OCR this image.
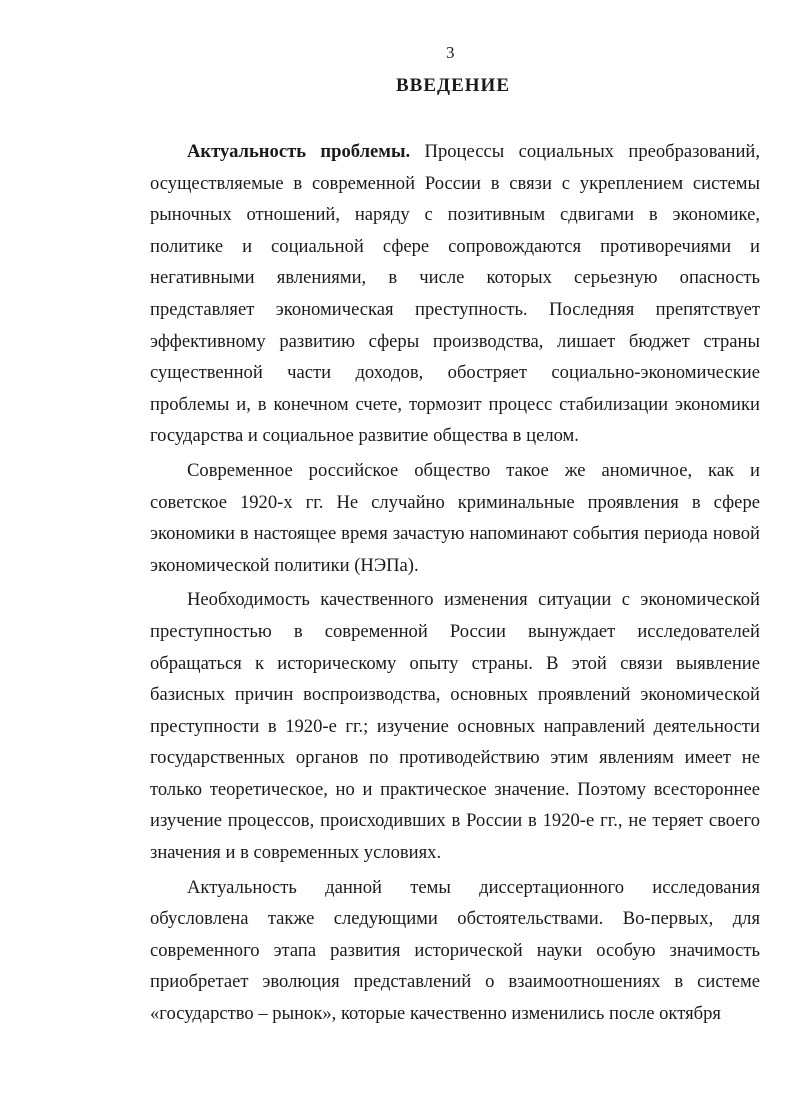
3
ВВЕДЕНИЕ

Актуальность проблемы. Процессы социальных преобразований, осуществляемые в современной России в связи с укреплением системы рыночных отношений, наряду с позитивным сдвигами в экономике, политике и социальной сфере сопровождаются противоречиями и негативными явлениями, в числе которых серьезную опасность представляет экономическая преступность. Последняя препятствует эффективному развитию сферы производства, лишает бюджет страны существенной части доходов, обостряет социально-экономические проблемы и, в конечном счете, тормозит процесс стабилизации экономики государства и социальное развитие общества в целом.

Современное российское общество такое же аномичное, как и советское 1920-х гг. Не случайно криминальные проявления в сфере экономики в настоящее время зачастую напоминают события периода новой экономической политики (НЭПа).

Необходимость качественного изменения ситуации с экономической преступностью в современной России вынуждает исследователей обращаться к историческому опыту страны. В этой связи выявление базисных причин воспроизводства, основных проявлений экономической преступности в 1920-е гг.; изучение основных направлений деятельности государственных органов по противодействию этим явлениям имеет не только теоретическое, но и практическое значение. Поэтому всестороннее изучение процессов, происходивших в России в 1920-е гг., не теряет своего значения и в современных условиях.

Актуальность данной темы диссертационного исследования обусловлена также следующими обстоятельствами. Во-первых, для современного этапа развития исторической науки особую значимость приобретает эволюция представлений о взаимоотношениях в системе «государство – рынок», которые качественно изменились после октября
